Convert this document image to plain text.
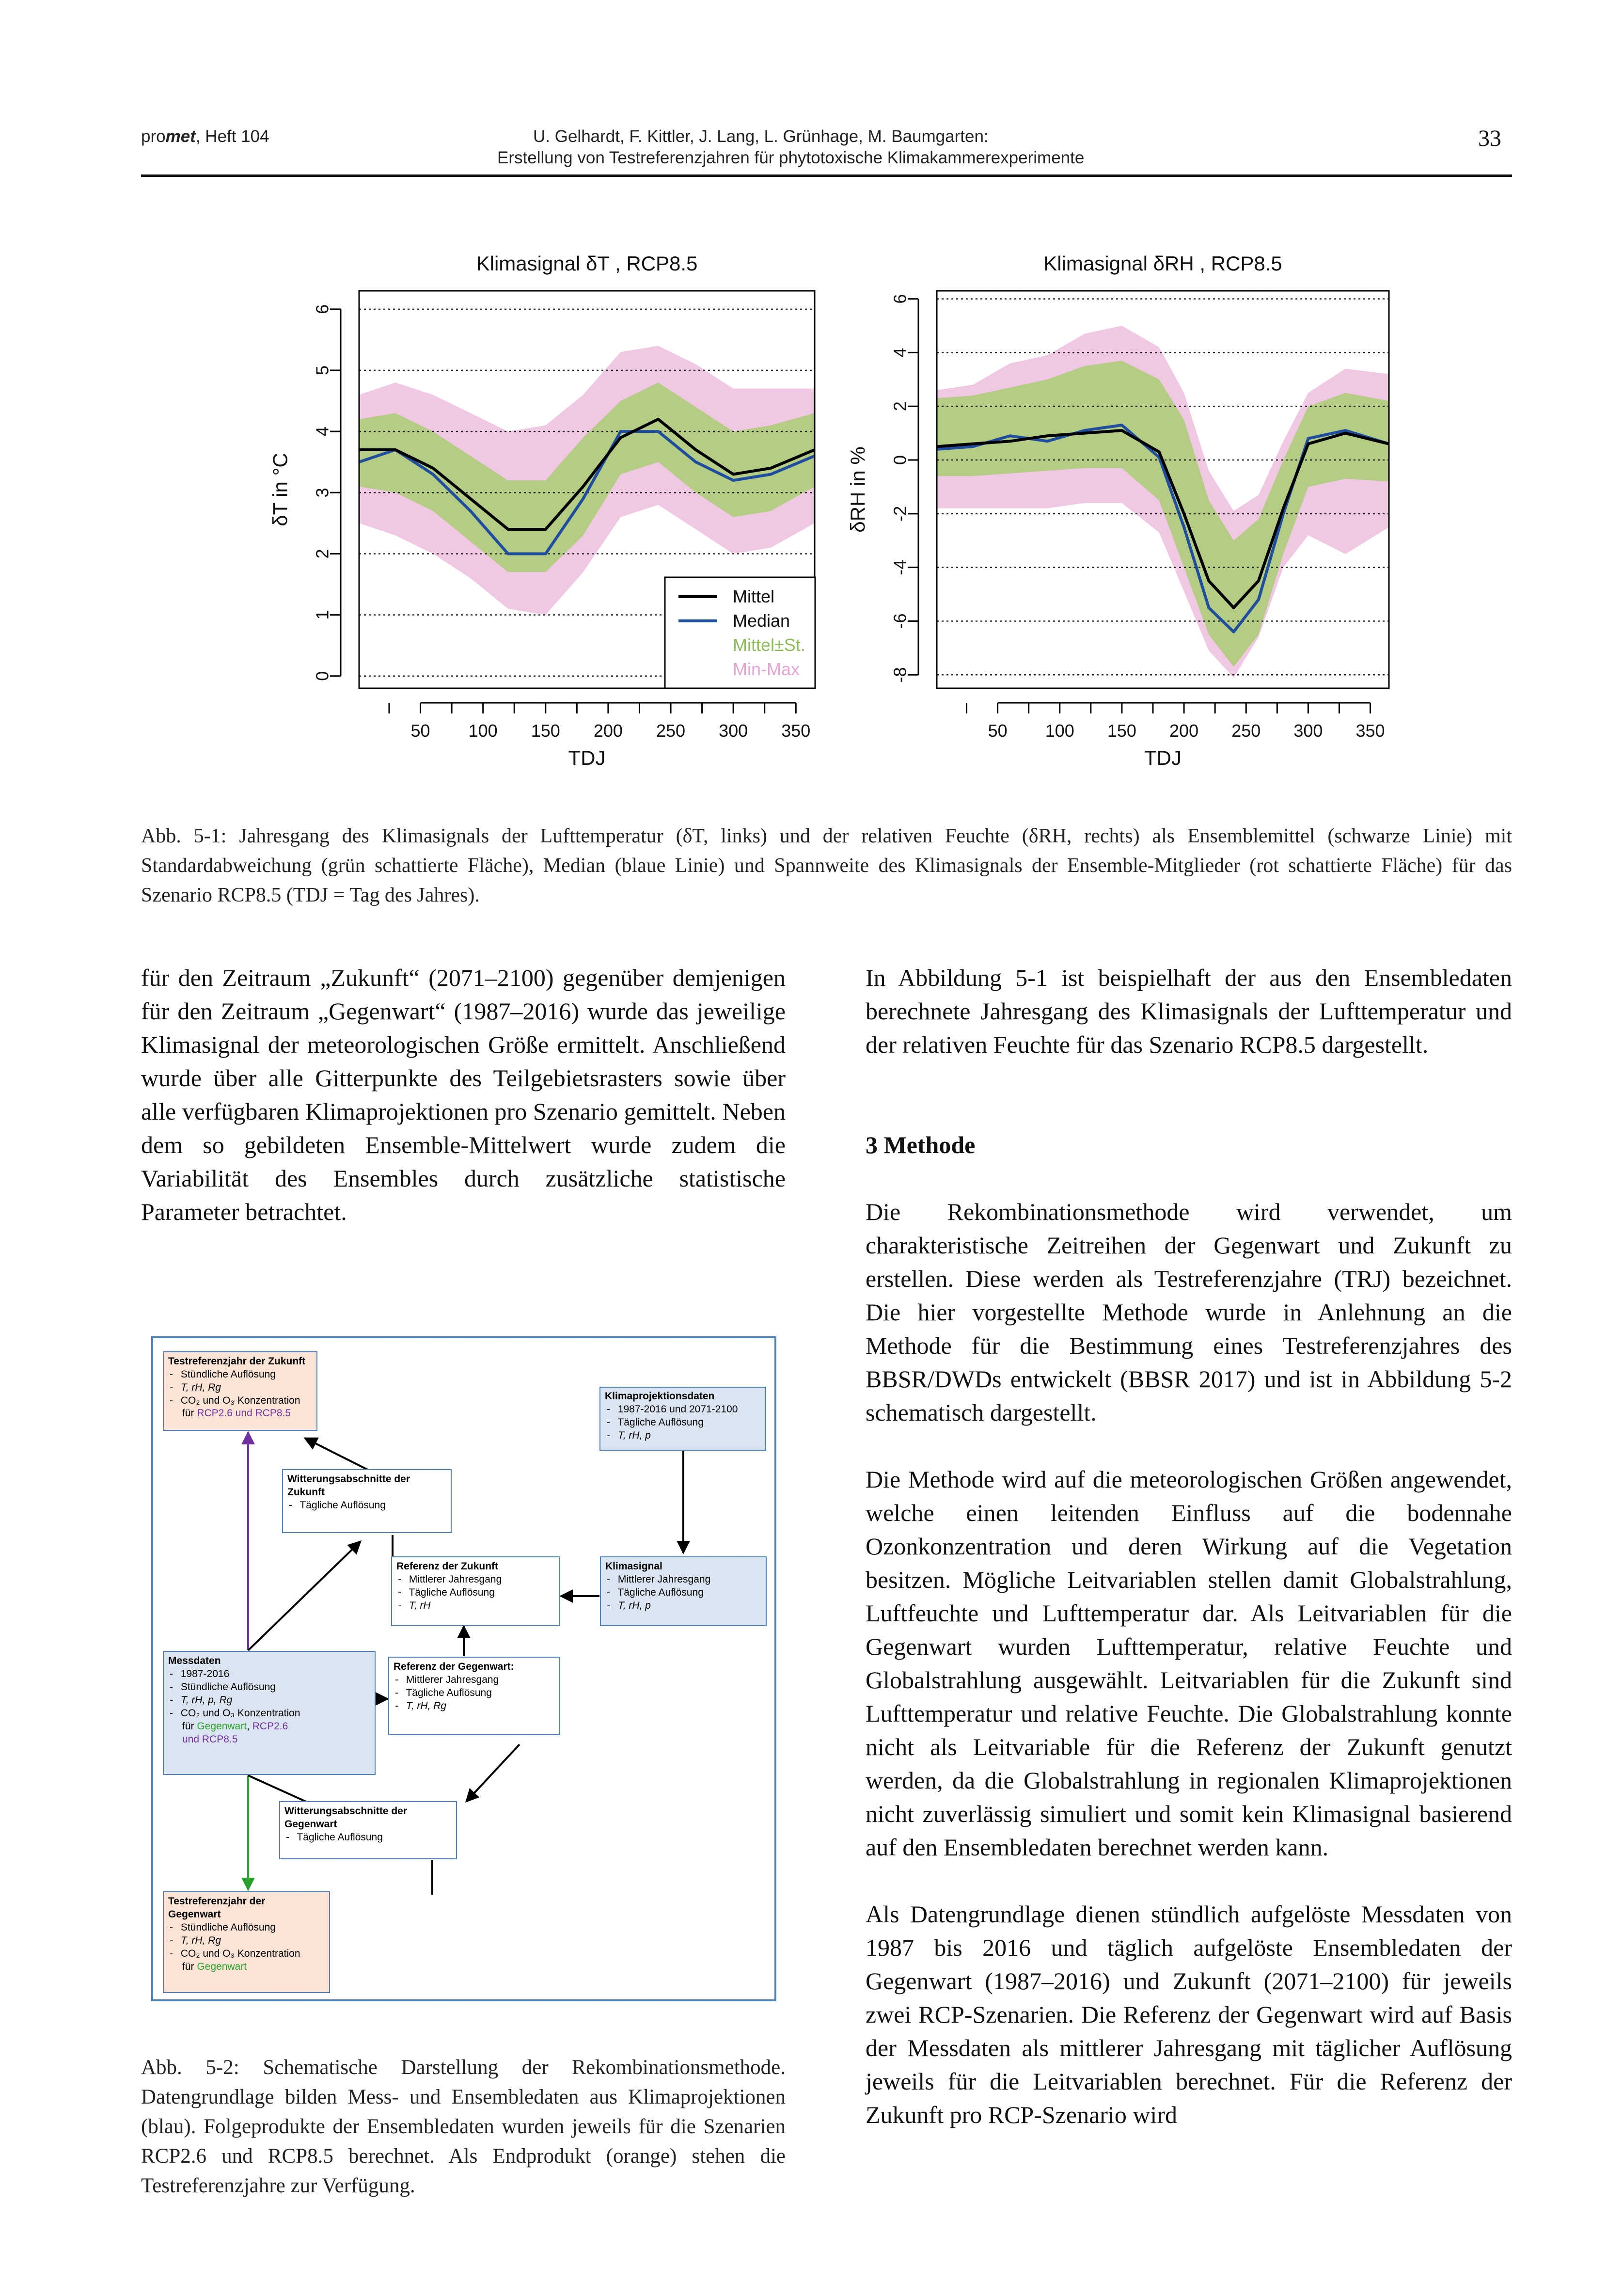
promet, Heft 104	U. Gelhardt, F. Kittler, J. Lang, L. Grünhage, M. Baumgarten:
Erstellung von Testreferenzjahren für phytotoxische Klimakammerexperimente
33
Klimasignal δT , RCP8.5
0
1
2
3
4
5
6
δT in °C
50 100 150 200 250 300 350
TDJ
Mittel
Median
Mittel±St.
Min-Max
Klimasignal δRH , RCP8.5
-8
-6
-4
-2
0
2
4
6
δRH in %
50 100 150 200 250 300 350
TDJ
Abb. 5-1: Jahresgang des Klimasignals der Lufttemperatur (δT, links) und der relativen Feuchte (δRH, rechts) als Ensemblemittel (schwarze Linie) mit Standardabweichung (grün schattierte Fläche), Median (blaue Linie) und Spannweite des Klimasignals der Ensemble-Mitglieder (rot schattierte Fläche) für das Szenario RCP8.5 (TDJ = Tag des Jahres).
für den Zeitraum „Zukunft“ (2071–2100) gegenüber demjenigen für den Zeitraum „Gegenwart“ (1987–2016) wurde das jeweilige Klimasignal der meteorologischen Größe ermittelt. Anschließend wurde über alle Gitterpunkte des Teilgebietsrasters sowie über alle verfügbaren Klimaprojektionen pro Szenario gemittelt. Neben dem so gebildeten Ensemble-Mittelwert wurde zudem die Variabilität des Ensembles durch zusätzliche statistische Parameter betrachtet.
Testreferenzjahr der Zukunft
- Stündliche Auflösung
- T, rH, Rg
- CO₂ und O₃ Konzentration
für RCP2.6 und RCP8.5
Klimaprojektionsdaten
- 1987-2016 und 2071-2100
- Tägliche Auflösung
- T, rH, p
Witterungsabschnitte der
Zukunft
- Tägliche Auflösung
Referenz der Zukunft
- Mittlerer Jahresgang
- Tägliche Auflösung
- T, rH
Klimasignal
- Mittlerer Jahresgang
- Tägliche Auflösung
- T, rH, p
Messdaten
- 1987-2016
- Stündliche Auflösung
- T, rH, p, Rg
- CO₂ und O₃ Konzentration
für Gegenwart, RCP2.6
und RCP8.5
Referenz der Gegenwart:
- Mittlerer Jahresgang
- Tägliche Auflösung
- T, rH, Rg
Witterungsabschnitte der
Gegenwart
- Tägliche Auflösung
Testreferenzjahr der
Gegenwart
- Stündliche Auflösung
- T, rH, Rg
- CO₂ und O₃ Konzentration
für Gegenwart
Abb. 5-2: Schematische Darstellung der Rekombinationsmethode. Datengrundlage bilden Mess- und Ensembledaten aus Klimaprojektionen (blau). Folgeprodukte der Ensembledaten wurden jeweils für die Szenarien RCP2.6 und RCP8.5 berechnet. Als Endprodukt (orange) stehen die Testreferenzjahre zur Verfügung.

In Abbildung 5-1 ist beispielhaft der aus den Ensembledaten berechnete Jahresgang des Klimasignals der Lufttemperatur und der relativen Feuchte für das Szenario RCP8.5 dargestellt.

3 Methode

Die Rekombinationsmethode wird verwendet, um charakteristische Zeitreihen der Gegenwart und Zukunft zu erstellen. Diese werden als Testreferenzjahre (TRJ) bezeichnet. Die hier vorgestellte Methode wurde in Anlehnung an die Methode für die Bestimmung eines Testreferenzjahres des BBSR/DWDs entwickelt (BBSR 2017) und ist in Abbildung 5-2 schematisch dargestellt.

Die Methode wird auf die meteorologischen Größen angewendet, welche einen leitenden Einfluss auf die bodennahe Ozonkonzentration und deren Wirkung auf die Vegetation besitzen. Mögliche Leitvariablen stellen damit Globalstrahlung, Luftfeuchte und Lufttemperatur dar. Als Leitvariablen für die Gegenwart wurden Lufttemperatur, relative Feuchte und Globalstrahlung ausgewählt. Leitvariablen für die Zukunft sind Lufttemperatur und relative Feuchte. Die Globalstrahlung konnte nicht als Leitvariable für die Referenz der Zukunft genutzt werden, da die Globalstrahlung in regionalen Klimaprojektionen nicht zuverlässig simuliert und somit kein Klimasignal basierend auf den Ensembledaten berechnet werden kann.

Als Datengrundlage dienen stündlich aufgelöste Messdaten von 1987 bis 2016 und täglich aufgelöste Ensembledaten der Gegenwart (1987–2016) und Zukunft (2071–2100) für jeweils zwei RCP-Szenarien. Die Referenz der Gegenwart wird auf Basis der Messdaten als mittlerer Jahresgang mit täglicher Auflösung jeweils für die Leitvariablen berechnet. Für die Referenz der Zukunft pro RCP-Szenario wird
